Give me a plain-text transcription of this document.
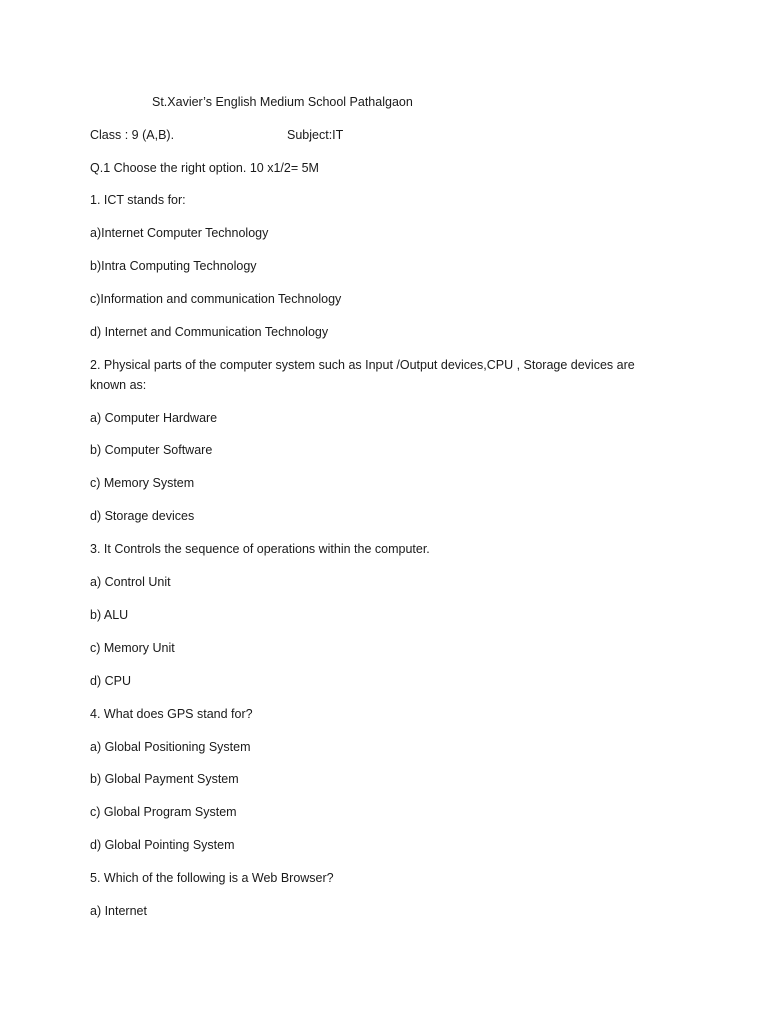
St.Xavier’s English Medium School Pathalgaon
Class : 9 (A,B).	Subject:IT
Q.1 Choose the right option. 10 x1/2= 5M
1. ICT stands for:
a)Internet Computer Technology
b)Intra Computing Technology
c)Information and communication Technology
d) Internet and Communication Technology
2. Physical parts of the computer system such as Input /Output devices,CPU , Storage devices are known as:
a) Computer Hardware
b) Computer Software
c) Memory System
d) Storage devices
3. It Controls the sequence of operations within the computer.
a) Control Unit
b) ALU
c) Memory Unit
d) CPU
4. What does GPS stand for?
a) Global Positioning System
b) Global Payment System
c) Global Program System
d) Global Pointing System
5. Which of the following is a Web Browser?
a) Internet
